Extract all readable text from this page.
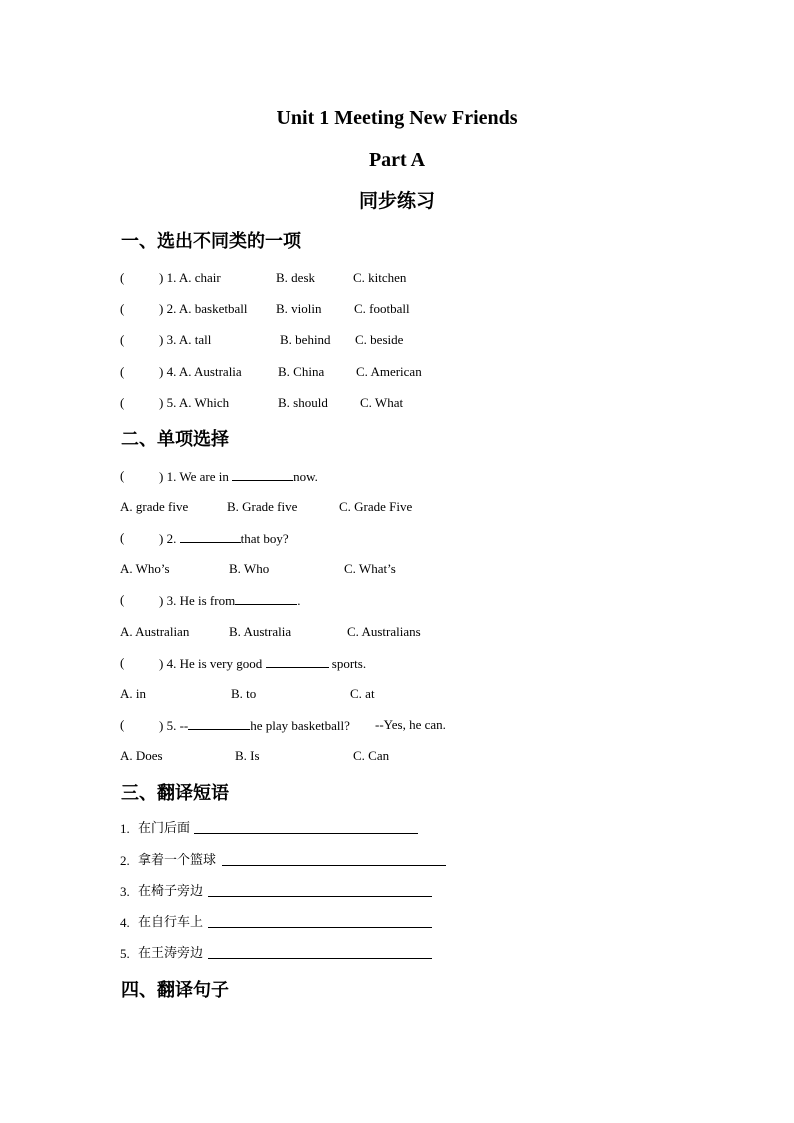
Unit 1 Meeting New Friends
Part A
同步练习
一、选出不同类的一项
(	) 1. A. chair	B. desk	C. kitchen
(	) 2. A. basketball B. violin C. football
(	) 3. A. tall	B. behind C. beside
(	) 4. A. Australia	B. China C. American
(	) 5. A. Which	B. should C. What
二、单项选择
(	) 1. We are in	now.
A. grade five	B. Grade five	C. Grade Five
(	) 2.	that boy?
A. Who’s	B. Who	C. What’s
(	) 3. He is from	.
A. Australian	B. Australia	C. Australians
(	) 4. He is very good	sports.
A. in	B. to	C. at
(	) 5. --	he play basketball? --Yes, he can.
A. Does	B. Is	C. Can
三、翻译短语
1. 在门后面
2. 拿着一个篮球
3. 在椅子旁边
4. 在自行车上
5. 在王涛旁边
四、翻译句子
